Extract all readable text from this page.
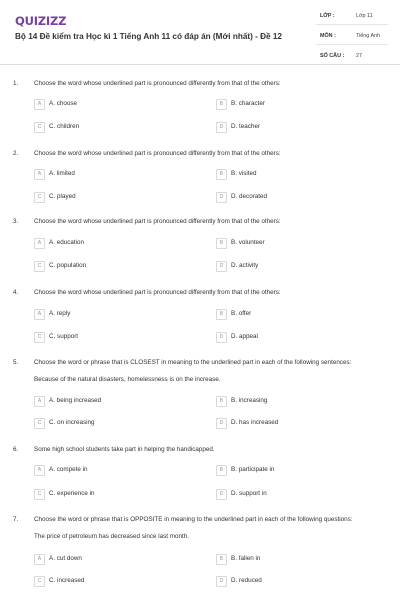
QUIZIZZ
Bộ 14 Đề kiểm tra Học kì 1 Tiếng Anh 11 có đáp án (Mới nhất) - Đề 12
LỚP :	Lớp 11
MÔN :	Tiếng Anh
SỐ CÂU : 27
1. Choose the word whose underlined part is pronounced differently from that of the others:
A	A. choose	B	B. character
C	C. children	D	D. teacher
2. Choose the word whose underlined part is pronounced differently from that of the others:
A	A. limited	B	B. visited
C	C. played	D	D. decorated
3. Choose the word whose underlined part is pronounced differently from that of the others:
A	A. education	B	B. volunteer
C	C. population	D	D. activity
4. Choose the word whose underlined part is pronounced differently from that of the others:
A	A. reply	B	B. offer
C	C. support	D	D. appeal
5. Choose the word or phrase that is CLOSEST in meaning to the underlined part in each of the following sentences:
Because of the natural disasters, homelessness is on the increase.
A	A. being increased	B	B. increasing
C	C. on increasing	D	D. has increased
6. Some high school students take part in helping the handicapped.
A	A. compete in	B	B. participate in
C	C. experience in	D	D. support in
7. Choose the word or phrase that is OPPOSITE in meaning to the underlined part in each of the following questions:
The price of petroleum has decreased since last month.
A	A. cut down	B	B. fallen in
C	C. increased	D	D. reduced
